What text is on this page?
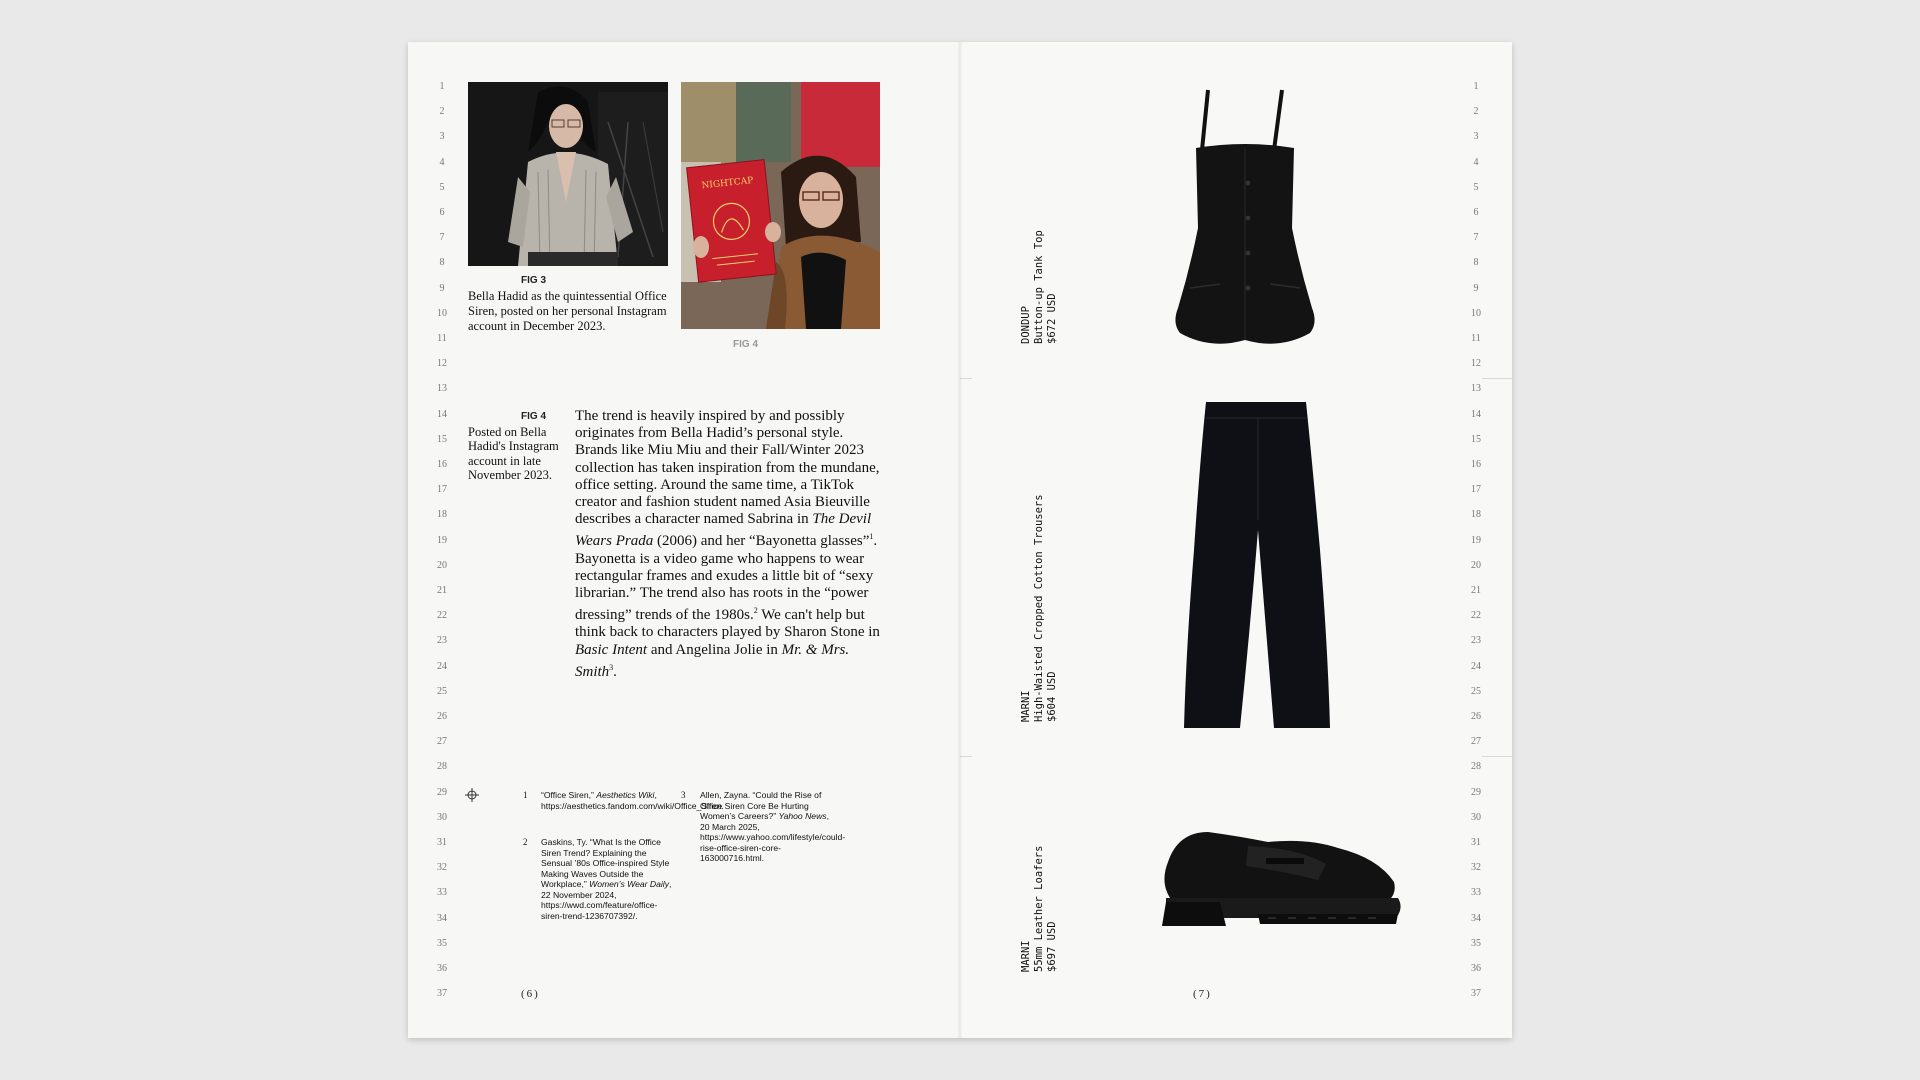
1
2
3
4
5
6
7
8
9
10
11
12
13
14
15
16
17
18
19
20
21
22
23
24
25
26
27
28
29
30
31
32
33
34
35
36
37
NIGHTCAP
FIG 3
Bella Hadid as the quintessential Office Siren, posted on her personal Instagram account in December 2023.
FIG 4
FIG 4
Posted on Bella Hadid's Instagram account in late November 2023.
The trend is heavily inspired by and possibly originates from Bella Hadid’s personal style. Brands like Miu Miu and their Fall/Winter 2023 collection has taken inspiration from the mundane, office setting. Around the same time, a TikTok creator and fashion student named Asia Bieuville describes a character named Sabrina in The Devil Wears Prada (2006) and her “Bayonetta glasses”$^1$. Bayonetta is a video game who happens to wear rectangular frames and exudes a little bit of “sexy librarian.” The trend also has roots in the “power dressing” trends of the 1980s.$^2$ We can't help but think back to characters played by Sharon Stone in Basic Intent and Angelina Jolie in Mr. & Mrs. Smith$^3$.
1 “Office Siren,” Aesthetics Wiki, https://aesthetics.fandom.com/wiki/Office_Siren.
2 Gaskins, Ty. “What Is the Office Siren Trend? Explaining the Sensual ’80s Office-inspired Style Making Waves Outside the Workplace,” Women’s Wear Daily, 22 November 2024, https://wwd.com/feature/office-siren-trend-1236707392/.
3 Allen, Zayna. “Could the Rise of Office Siren Core Be Hurting Women’s Careers?” Yahoo News, 20 March 2025, https://www.yahoo.com/lifestyle/could-rise-office-siren-core-163000716.html.
(6)
1
2
3
4
5
6
7
8
9
10
11
12
13
14
15
16
17
18
19
20
21
22
23
24
25
26
27
28
29
30
31
32
33
34
35
36
37
DONDUP Button-up Tank Top $672 USD
MARNI High-Waisted Cropped Cotton Trousers $604 USD
MARNI 55mm Leather Loafers $697 USD
(7)
